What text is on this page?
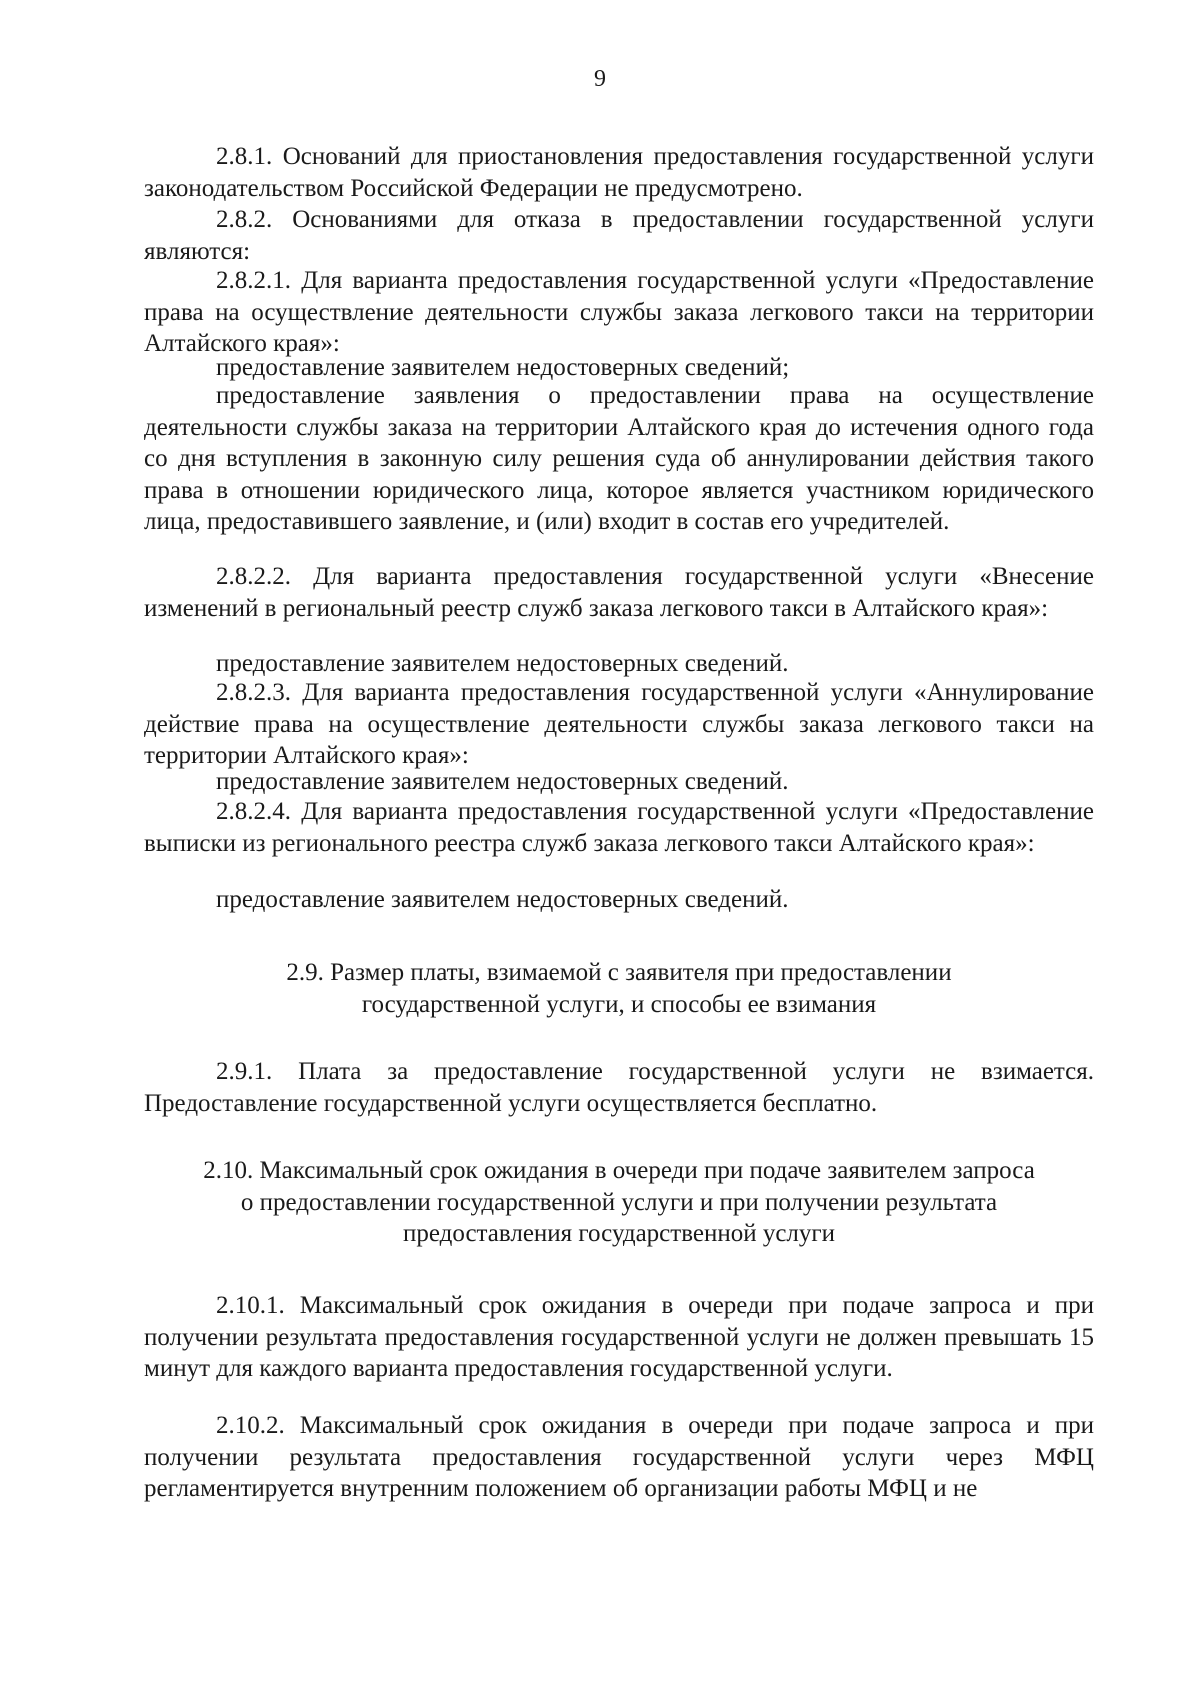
9

2.8.1. Оснований для приостановления предоставления государственной услуги законодательством Российской Федерации не предусмотрено.

2.8.2. Основаниями для отказа в предоставлении государственной услуги являются:

2.8.2.1. Для варианта предоставления государственной услуги «Предоставление права на осуществление деятельности службы заказа легкового такси на территории Алтайского края»:

предоставление заявителем недостоверных сведений;

предоставление заявления о предоставлении права на осуществление деятельности службы заказа на территории Алтайского края до истечения одного года со дня вступления в законную силу решения суда об аннулировании действия такого права в отношении юридического лица, которое является участником юридического лица, предоставившего заявление, и (или) входит в состав его учредителей.

2.8.2.2. Для варианта предоставления государственной услуги «Внесение изменений в региональный реестр служб заказа легкового такси в Алтайского края»:

предоставление заявителем недостоверных сведений.

2.8.2.3. Для варианта предоставления государственной услуги «Аннулирование действие права на осуществление деятельности службы заказа легкового такси на территории Алтайского края»:

предоставление заявителем недостоверных сведений.

2.8.2.4. Для варианта предоставления государственной услуги «Предоставление выписки из регионального реестра служб заказа легкового такси Алтайского края»:

предоставление заявителем недостоверных сведений.

2.9. Размер платы, взимаемой с заявителя при предоставлении
государственной услуги, и способы ее взимания

2.9.1. Плата за предоставление государственной услуги не взимается. Предоставление государственной услуги осуществляется бесплатно.

2.10. Максимальный срок ожидания в очереди при подаче заявителем запроса
о предоставлении государственной услуги и при получении результата
предоставления государственной услуги

2.10.1. Максимальный срок ожидания в очереди при подаче запроса и при получении результата предоставления государственной услуги не должен превышать 15 минут для каждого варианта предоставления государственной услуги.

2.10.2. Максимальный срок ожидания в очереди при подаче запроса и при получении результата предоставления государственной услуги через МФЦ регламентируется внутренним положением об организации работы МФЦ и не
